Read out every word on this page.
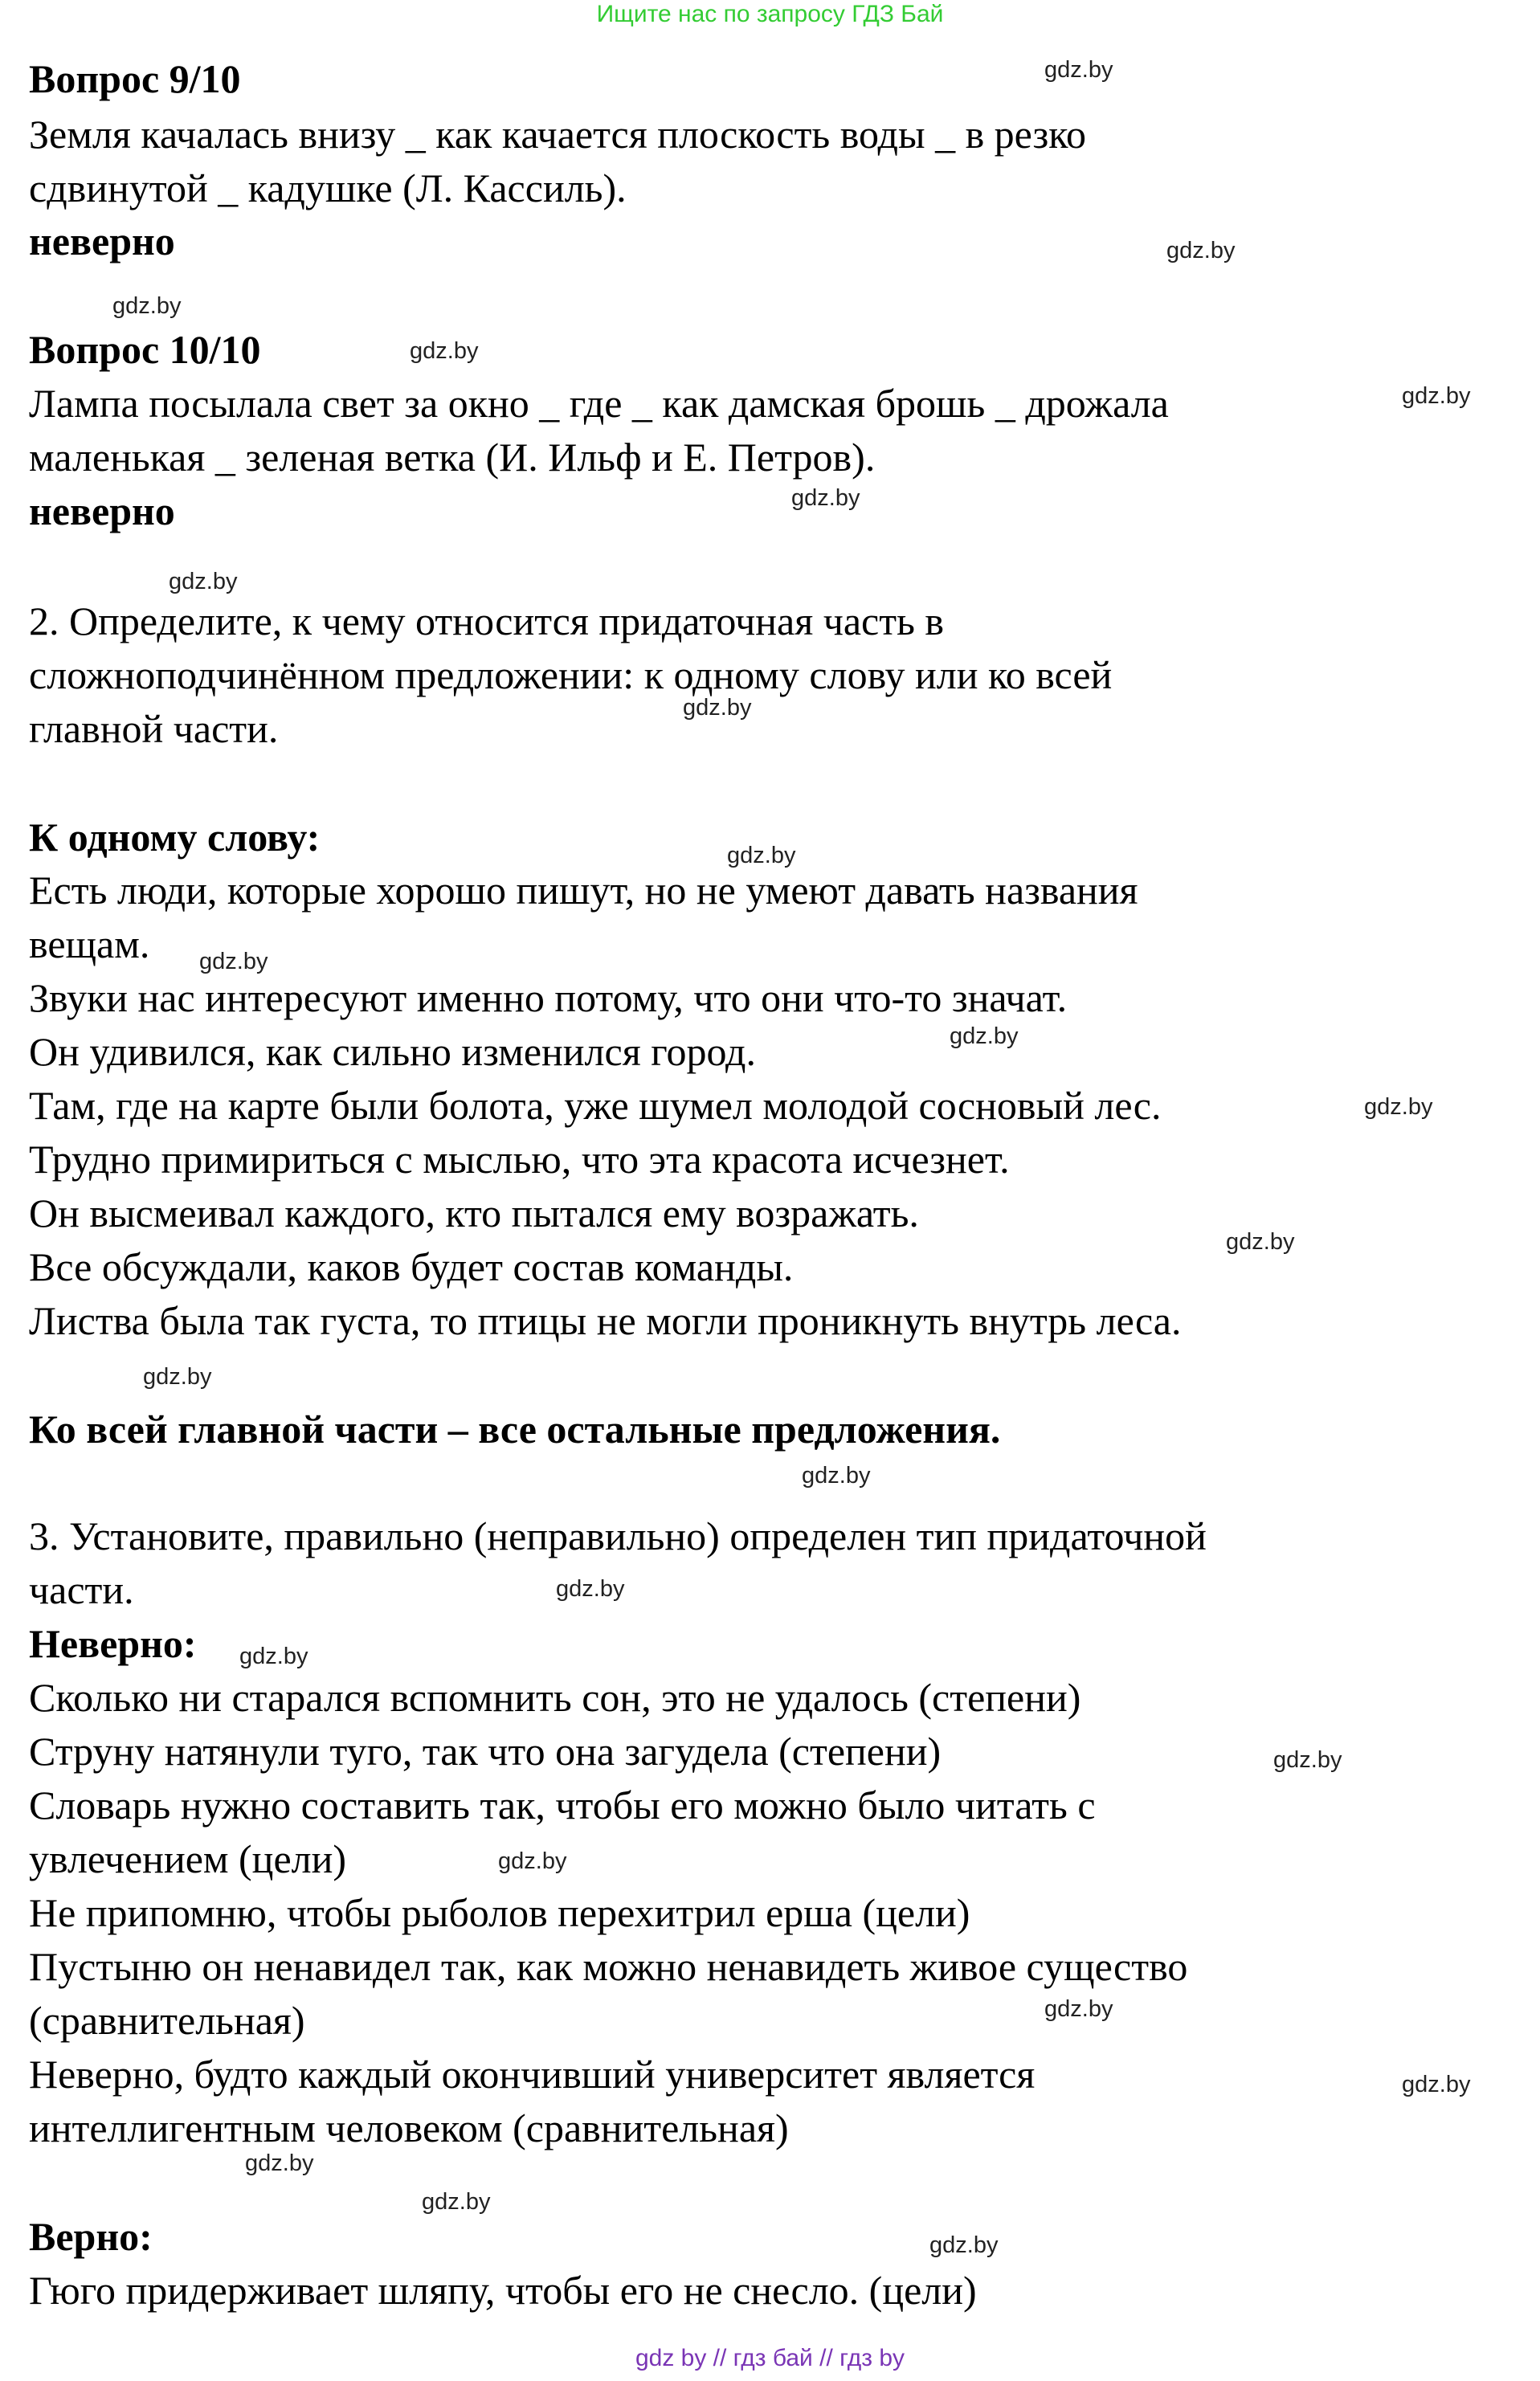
Ищите нас по запросу ГДЗ Бай
Вопрос 9/10
Земля качалась внизу _ как качается плоскость воды _ в резко
сдвинутой _ кадушке (Л. Кассиль).
неверно
Вопрос 10/10
Лампа посылала свет за окно _ где _ как дамская брошь _ дрожала
маленькая _ зеленая ветка (И. Ильф и Е. Петров).
неверно
2. Определите, к чему относится придаточная часть в
сложноподчинённом предложении: к одному слову или ко всей
главной части.
К одному слову:
Есть люди, которые хорошо пишут, но не умеют давать названия
вещам.
Звуки нас интересуют именно потому, что они что-то значат.
Он удивился, как сильно изменился город.
Там, где на карте были болота, уже шумел молодой сосновый лес.
Трудно примириться с мыслью, что эта красота исчезнет.
Он высмеивал каждого, кто пытался ему возражать.
Все обсуждали, каков будет состав команды.
Листва была так густа, то птицы не могли проникнуть внутрь леса.
Ко всей главной части – все остальные предложения.
3. Установите, правильно (неправильно) определен тип придаточной
части.
Неверно:
Сколько ни старался вспомнить сон, это не удалось (степени)
Струну натянули туго, так что она загудела (степени)
Словарь нужно составить так, чтобы его можно было читать с
увлечением (цели)
Не припомню, чтобы рыболов перехитрил ерша (цели)
Пустыню он ненавидел так, как можно ненавидеть живое существо
(сравнительная)
Неверно, будто каждый окончивший университет является
интеллигентным человеком (сравнительная)
Верно:
Гюго придерживает шляпу, чтобы его не снесло. (цели)
gdz.by
gdz.by
gdz.by
gdz.by
gdz.by
gdz.by
gdz.by
gdz.by
gdz.by
gdz.by
gdz.by
gdz.by
gdz.by
gdz.by
gdz.by
gdz.by
gdz.by
gdz.by
gdz.by
gdz.by
gdz.by
gdz.by
gdz.by
gdz.by
gdz by // гдз бай // гдз by
